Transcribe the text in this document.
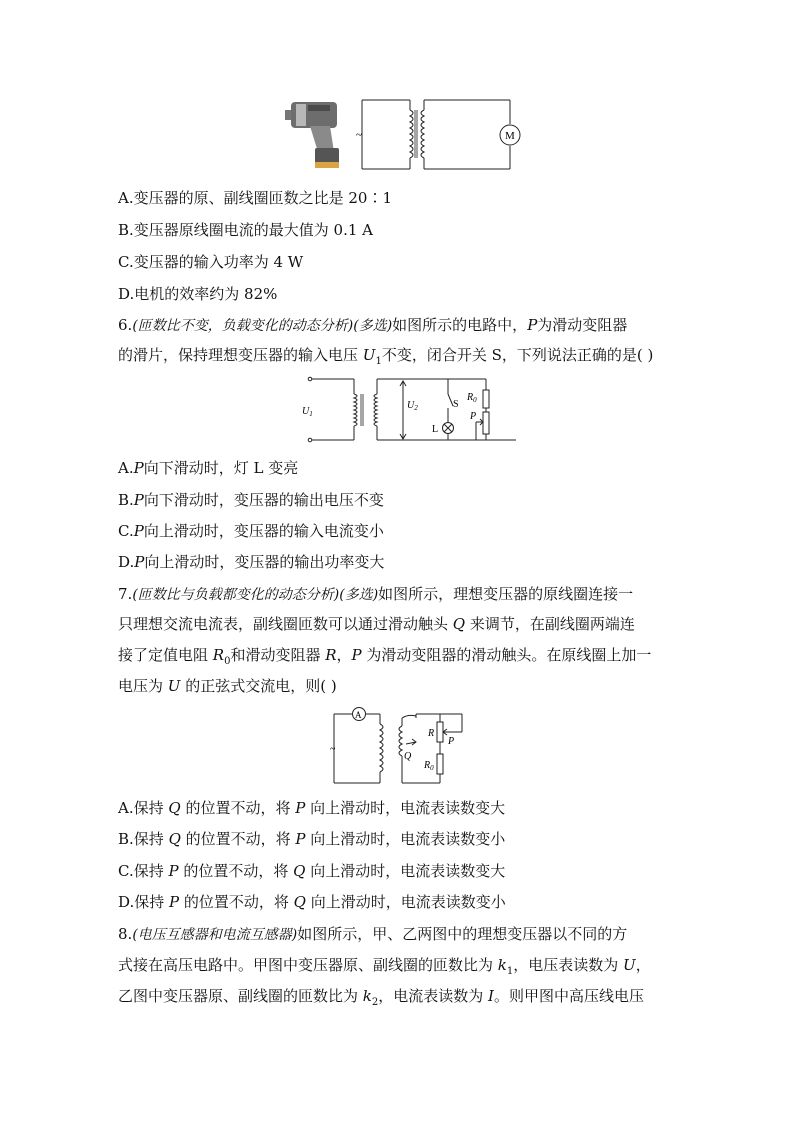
~	M
A.变压器的原、副线圈匝数之比是 20∶1
B.变压器原线圈电流的最大值为 0.1 A
C.变压器的输入功率为 4 W
D.电机的效率约为 82%
6.(匝数比不变，负载变化的动态分析)(多选)如图所示的电路中，P为滑动变阻器
的滑片，保持理想变压器的输入电压 $U_1$不变，闭合开关 S，下列说法正确的是( )
$U_1$
$U_2$	S
L
$R_0$
P
A.P向下滑动时，灯 L 变亮
B.P向下滑动时，变压器的输出电压不变
C.P向上滑动时，变压器的输入电流变小
D.P向上滑动时，变压器的输出功率变大
7.(匝数比与负载都变化的动态分析)(多选)如图所示，理想变压器的原线圈连接一
只理想交流电流表，副线圈匝数可以通过滑动触头 Q 来调节，在副线圈两端连
接了定值电阻 $R_0$和滑动变阻器 R，P 为滑动变阻器的滑动触头。在原线圈上加一
电压为 U 的正弦式交流电，则( )
A
~
Q
R
P
$R_0$
A.保持 Q 的位置不动，将 P 向上滑动时，电流表读数变大
B.保持 Q 的位置不动，将 P 向上滑动时，电流表读数变小
C.保持 P 的位置不动，将 Q 向上滑动时，电流表读数变大
D.保持 P 的位置不动，将 Q 向上滑动时，电流表读数变小
8.(电压互感器和电流互感器)如图所示，甲、乙两图中的理想变压器以不同的方
式接在高压电路中。甲图中变压器原、副线圈的匝数比为 $k_1$，电压表读数为 U，
乙图中变压器原、副线圈的匝数比为 $k_2$，电流表读数为 I。则甲图中高压线电压
